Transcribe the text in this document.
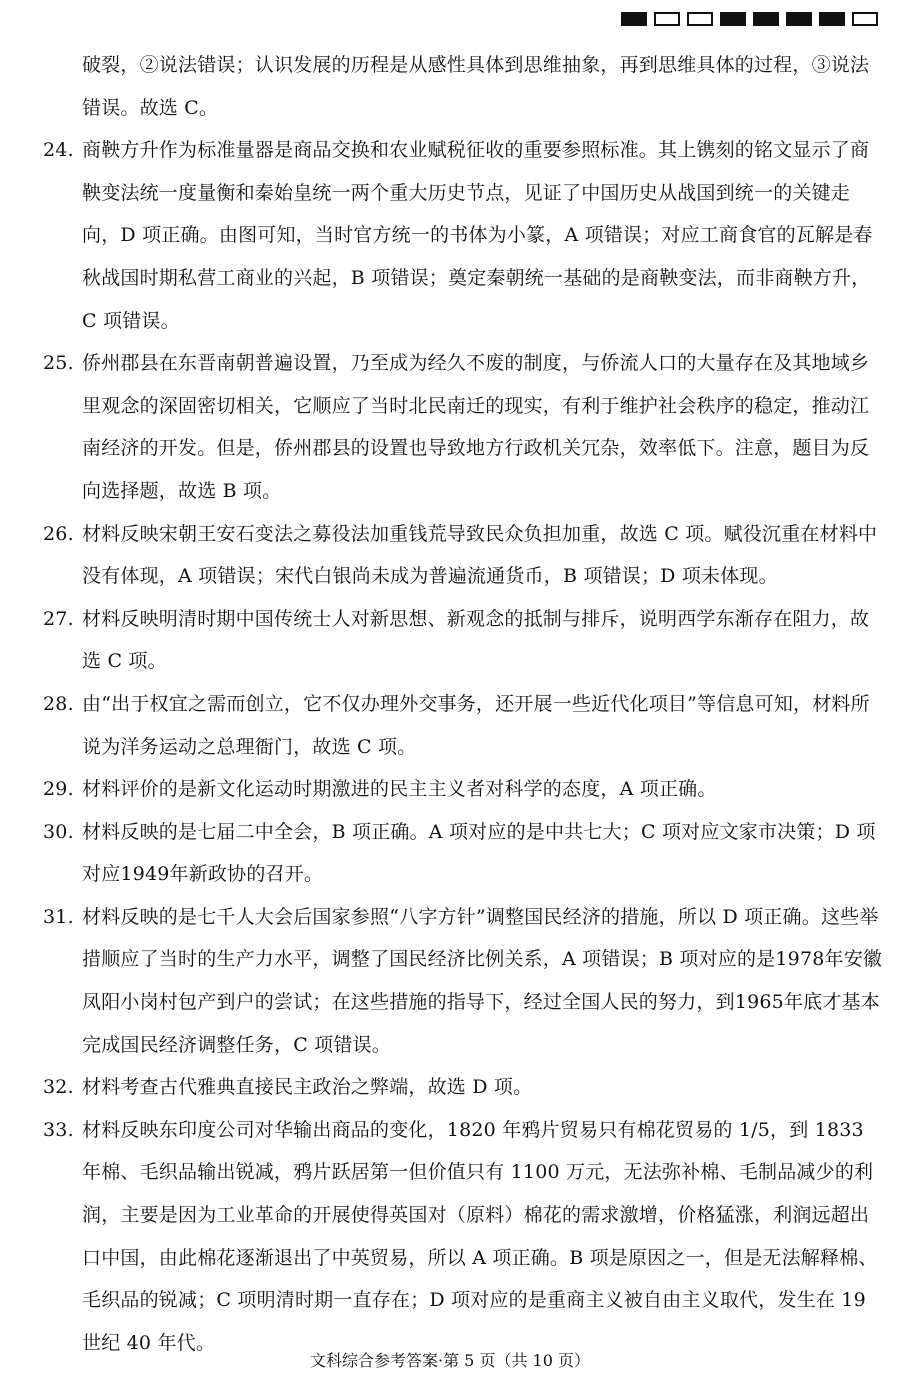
破裂，②说法错误；认识发展的历程是从感性具体到思维抽象，再到思维具体的过程，③说法错误。故选 C。
24. 商鞅方升作为标准量器是商品交换和农业赋税征收的重要参照标准。其上镌刻的铭文显示了商鞅变法统一度量衡和秦始皇统一两个重大历史节点，见证了中国历史从战国到统一的关键走向，D 项正确。由图可知，当时官方统一的书体为小篆，A 项错误；对应工商食官的瓦解是春秋战国时期私营工商业的兴起，B 项错误；奠定秦朝统一基础的是商鞅变法，而非商鞅方升，C 项错误。
25. 侨州郡县在东晋南朝普遍设置，乃至成为经久不废的制度，与侨流人口的大量存在及其地域乡里观念的深固密切相关，它顺应了当时北民南迁的现实，有利于维护社会秩序的稳定，推动江南经济的开发。但是，侨州郡县的设置也导致地方行政机关冗杂，效率低下。注意，题目为反向选择题，故选 B 项。
26. 材料反映宋朝王安石变法之募役法加重钱荒导致民众负担加重，故选 C 项。赋役沉重在材料中没有体现，A 项错误；宋代白银尚未成为普遍流通货币，B 项错误；D 项未体现。
27. 材料反映明清时期中国传统士人对新思想、新观念的抵制与排斥，说明西学东渐存在阻力，故选 C 项。
28. 由“出于权宜之需而创立，它不仅办理外交事务，还开展一些近代化项目”等信息可知，材料所说为洋务运动之总理衙门，故选 C 项。
29. 材料评价的是新文化运动时期激进的民主主义者对科学的态度，A 项正确。
30. 材料反映的是七届二中全会，B 项正确。A 项对应的是中共七大；C 项对应文家市决策；D 项对应1949年新政协的召开。
31. 材料反映的是七千人大会后国家参照“八字方针”调整国民经济的措施，所以 D 项正确。这些举措顺应了当时的生产力水平，调整了国民经济比例关系，A 项错误；B 项对应的是1978年安徽凤阳小岗村包产到户的尝试；在这些措施的指导下，经过全国人民的努力，到1965年底才基本完成国民经济调整任务，C 项错误。
32. 材料考查古代雅典直接民主政治之弊端，故选 D 项。
33. 材料反映东印度公司对华输出商品的变化，1820 年鸦片贸易只有棉花贸易的 1/5，到 1833 年棉、毛织品输出锐减，鸦片跃居第一但价值只有 1100 万元，无法弥补棉、毛制品减少的利润，主要是因为工业革命的开展使得英国对（原料）棉花的需求激增，价格猛涨，利润远超出口中国，由此棉花逐渐退出了中英贸易，所以 A 项正确。B 项是原因之一，但是无法解释棉、毛织品的锐减；C 项明清时期一直存在；D 项对应的是重商主义被自由主义取代，发生在 19 世纪 40 年代。
文科综合参考答案·第 5 页（共 10 页）
